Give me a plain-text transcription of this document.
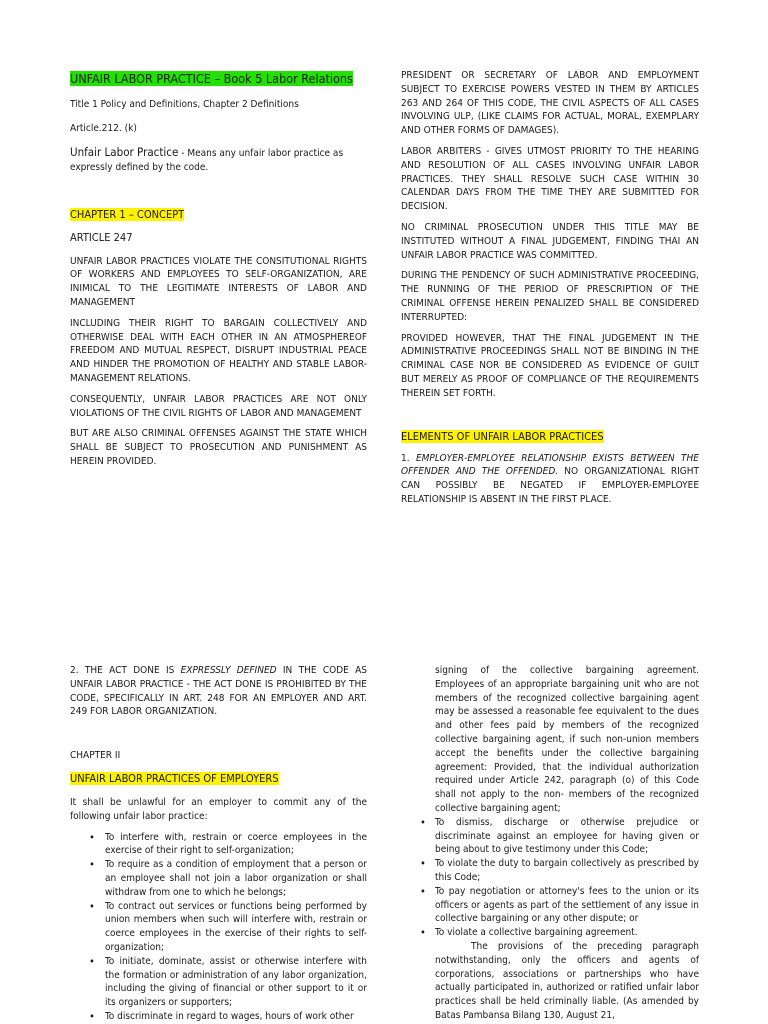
UNFAIR LABOR PRACTICE – Book 5 Labor Relations

Title 1 Policy and Definitions, Chapter 2 Definitions

Article.212. (k)

Unfair Labor Practice - Means any unfair labor practice as expressly defined by the code.

CHAPTER 1 – CONCEPT

ARTICLE 247

UNFAIR LABOR PRACTICES VIOLATE THE CONSITUTIONAL RIGHTS OF WORKERS AND EMPLOYEES TO SELF-ORGANIZATION, ARE INIMICAL TO THE LEGITIMATE INTERESTS OF LABOR AND MANAGEMENT

INCLUDING THEIR RIGHT TO BARGAIN COLLECTIVELY AND OTHERWISE DEAL WITH EACH OTHER IN AN ATMOSPHEREOF FREEDOM AND MUTUAL RESPECT, DISRUPT INDUSTRIAL PEACE AND HINDER THE PROMOTION OF HEALTHY AND STABLE LABOR-MANAGEMENT RELATIONS.

CONSEQUENTLY, UNFAIR LABOR PRACTICES ARE NOT ONLY VIOLATIONS OF THE CIVIL RIGHTS OF LABOR AND MANAGEMENT

BUT ARE ALSO CRIMINAL OFFENSES AGAINST THE STATE WHICH SHALL BE SUBJECT TO PROSECUTION AND PUNISHMENT AS HEREIN PROVIDED.

PRESIDENT OR SECRETARY OF LABOR AND EMPLOYMENT SUBJECT TO EXERCISE POWERS VESTED IN THEM BY ARTICLES 263 AND 264 OF THIS CODE, THE CIVIL ASPECTS OF ALL CASES INVOLVING ULP, (LIKE CLAIMS FOR ACTUAL, MORAL, EXEMPLARY AND OTHER FORMS OF DAMAGES).

LABOR ARBITERS - GIVES UTMOST PRIORITY TO THE HEARING AND RESOLUTION OF ALL CASES INVOLVING UNFAIR LABOR PRACTICES. THEY SHALL RESOLVE SUCH CASE WITHIN 30 CALENDAR DAYS FROM THE TIME THEY ARE SUBMITTED FOR DECISION.

NO CRIMINAL PROSECUTION UNDER THIS TITLE MAY BE INSTITUTED WITHOUT A FINAL JUDGEMENT, FINDING THAI AN UNFAIR LABOR PRACTICE WAS COMMITTED.

DURING THE PENDENCY OF SUCH ADMINISTRATIVE PROCEEDING, THE RUNNING OF THE PERIOD OF PRESCRIPTION OF THE CRIMINAL OFFENSE HEREIN PENALIZED SHALL BE CONSIDERED INTERRUPTED:

PROVIDED HOWEVER, THAT THE FINAL JUDGEMENT IN THE ADMINISTRATIVE PROCEEDINGS SHALL NOT BE BINDING IN THE CRIMINAL CASE NOR BE CONSIDERED AS EVIDENCE OF GUILT BUT MERELY AS PROOF OF COMPLIANCE OF THE REQUIREMENTS THEREIN SET FORTH.

ELEMENTS OF UNFAIR LABOR PRACTICES

1. EMPLOYER-EMPLOYEE RELATIONSHIP EXISTS BETWEEN THE OFFENDER AND THE OFFENDED. NO ORGANIZATIONAL RIGHT CAN POSSIBLY BE NEGATED IF EMPLOYER-EMPLOYEE RELATIONSHIP IS ABSENT IN THE FIRST PLACE.

2. THE ACT DONE IS EXPRESSLY DEFINED IN THE CODE AS UNFAIR LABOR PRACTICE - THE ACT DONE IS PROHIBITED BY THE CODE, SPECIFICALLY IN ART. 248 FOR AN EMPLOYER AND ART. 249 FOR LABOR ORGANIZATION.

CHAPTER II

UNFAIR LABOR PRACTICES OF EMPLOYERS

It shall be unlawful for an employer to commit any of the following unfair labor practice:

• To interfere with, restrain or coerce employees in the exercise of their right to self-organization;
• To require as a condition of employment that a person or an employee shall not join a labor organization or shall withdraw from one to which he belongs;
• To contract out services or functions being performed by union members when such will interfere with, restrain or coerce employees in the exercise of their rights to self-organization;
• To initiate, dominate, assist or otherwise interfere with the formation or administration of any labor organization, including the giving of financial or other support to it or its organizers or supporters;
• To discriminate in regard to wages, hours of work other

signing of the collective bargaining agreement. Employees of an appropriate bargaining unit who are not members of the recognized collective bargaining agent may be assessed a reasonable fee equivalent to the dues and other fees paid by members of the recognized collective bargaining agent, if such non-union members accept the benefits under the collective bargaining agreement: Provided, that the individual authorization required under Article 242, paragraph (o) of this Code shall not apply to the non- members of the recognized collective bargaining agent;

• To dismiss, discharge or otherwise prejudice or discriminate against an employee for having given or being about to give testimony under this Code;
• To violate the duty to bargain collectively as prescribed by this Code;
• To pay negotiation or attorney's fees to the union or its officers or agents as part of the settlement of any issue in collective bargaining or any other dispute; or
• To violate a collective bargaining agreement.

The provisions of the preceding paragraph notwithstanding, only the officers and agents of corporations, associations or partnerships who have actually participated in, authorized or ratified unfair labor practices shall be held criminally liable. (As amended by Batas Pambansa Bilang 130, August 21,
